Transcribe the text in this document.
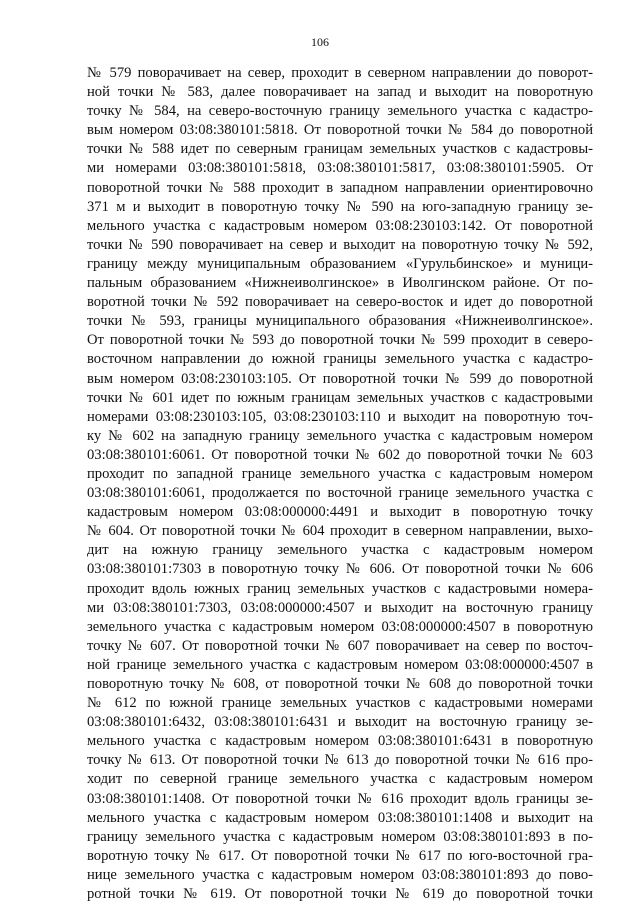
106
№ 579 поворачивает на север, проходит в северном направлении до поворот-
ной точки № 583, далее поворачивает на запад и выходит на поворотную
точку № 584, на северо-восточную границу земельного участка с кадастро-
вым номером 03:08:380101:5818. От поворотной точки № 584 до поворотной
точки № 588 идет по северным границам земельных участков с кадастровы-
ми номерами 03:08:380101:5818, 03:08:380101:5817, 03:08:380101:5905. От
поворотной точки № 588 проходит в западном направлении ориентировочно
371 м и выходит в поворотную точку № 590 на юго-западную границу зе-
мельного участка с кадастровым номером 03:08:230103:142. От поворотной
точки № 590 поворачивает на север и выходит на поворотную точку № 592,
границу между муниципальным образованием «Гурульбинское» и муници-
пальным образованием «Нижнеиволгинское» в Иволгинском районе. От по-
воротной точки № 592 поворачивает на северо-восток и идет до поворотной
точки № 593, границы муниципального образования «Нижнеиволгинское».
От поворотной точки № 593 до поворотной точки № 599 проходит в северо-
восточном направлении до южной границы земельного участка с кадастро-
вым номером 03:08:230103:105. От поворотной точки № 599 до поворотной
точки № 601 идет по южным границам земельных участков с кадастровыми
номерами 03:08:230103:105, 03:08:230103:110 и выходит на поворотную точ-
ку № 602 на западную границу земельного участка с кадастровым номером
03:08:380101:6061. От поворотной точки № 602 до поворотной точки № 603
проходит по западной границе земельного участка с кадастровым номером
03:08:380101:6061, продолжается по восточной границе земельного участка с
кадастровым номером 03:08:000000:4491 и выходит в поворотную точку
№ 604. От поворотной точки № 604 проходит в северном направлении, выхо-
дит на южную границу земельного участка с кадастровым номером
03:08:380101:7303 в поворотную точку № 606. От поворотной точки № 606
проходит вдоль южных границ земельных участков с кадастровыми номера-
ми 03:08:380101:7303, 03:08:000000:4507 и выходит на восточную границу
земельного участка с кадастровым номером 03:08:000000:4507 в поворотную
точку № 607. От поворотной точки № 607 поворачивает на север по восточ-
ной границе земельного участка с кадастровым номером 03:08:000000:4507 в
поворотную точку № 608, от поворотной точки № 608 до поворотной точки
№ 612 по южной границе земельных участков с кадастровыми номерами
03:08:380101:6432, 03:08:380101:6431 и выходит на восточную границу зе-
мельного участка с кадастровым номером 03:08:380101:6431 в поворотную
точку № 613. От поворотной точки № 613 до поворотной точки № 616 про-
ходит по северной границе земельного участка с кадастровым номером
03:08:380101:1408. От поворотной точки № 616 проходит вдоль границы зе-
мельного участка с кадастровым номером 03:08:380101:1408 и выходит на
границу земельного участка с кадастровым номером 03:08:380101:893 в по-
воротную точку № 617. От поворотной точки № 617 по юго-восточной гра-
нице земельного участка с кадастровым номером 03:08:380101:893 до пово-
ротной точки № 619. От поворотной точки № 619 до поворотной точки
